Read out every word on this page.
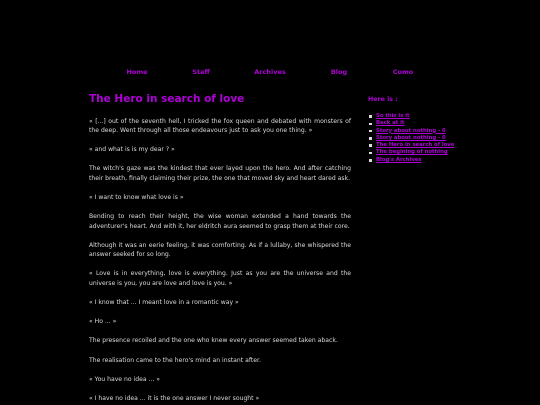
Home	Staff	Archives	Blog	Como
The Hero in search of love

« [...] out of the seventh hell, I tricked the fox queen and debated with monsters of the deep. Went through all those endeavours just to ask you one thing. »

« and what is is my dear ? »

The witch's gaze was the kindest that ever layed upon the hero. And after catching their breath, finally claiming their prize, the one that moved sky and heart dared ask.

« I want to know what love is »

Bending to reach their height, the wise woman extended a hand towards the adventurer's heart. And with it, her eldritch aura seemed to grasp them at their core.

Although it was an eerie feeling, it was comforting. As if a lullaby, she whispered the answer seeked for so long.

« Love is in everything, love is everything. Just as you are the universe and the universe is you, you are love and love is you. »

« I know that ... I meant love in a romantic way »

« Ho ... »

The presence recoiled and the one who knew every answer seemed taken aback.

The realisation came to the hero's mind an instant after.

« You have no idea ... »

« I have no idea ... it is the one answer I never sought »

Here is :
So this is it
Back at it
Story about nothing - 0
Story about nothing - 0
The Hero in search of love
The begining of nothing
Blog's Archives
